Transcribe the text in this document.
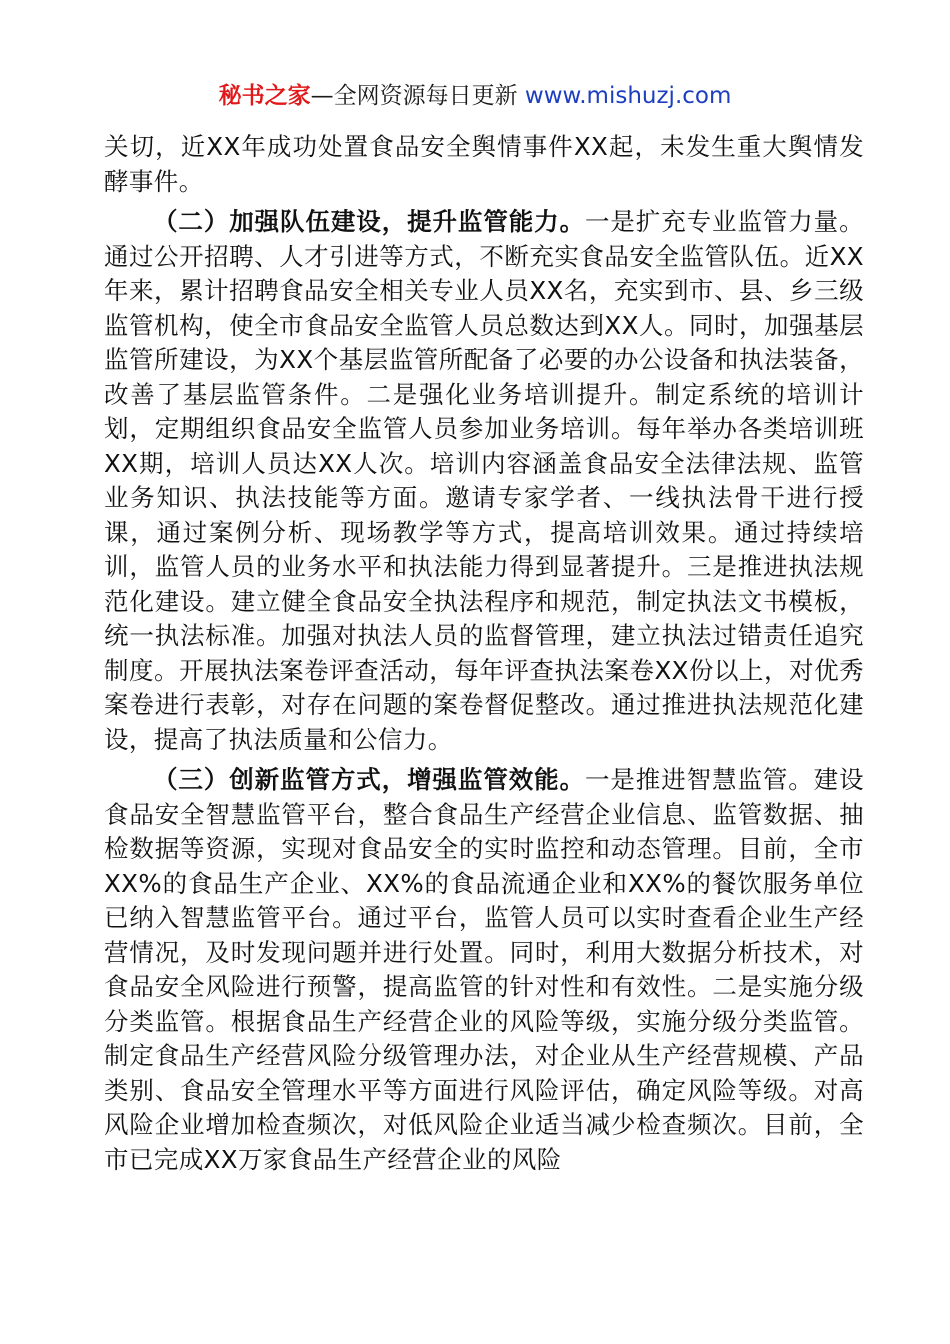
秘书之家—全网资源每日更新 www.mishuzj.com

关切，近XX年成功处置食品安全舆情事件XX起，未发生重大舆情发酵事件。

（二）加强队伍建设，提升监管能力。一是扩充专业监管力量。通过公开招聘、人才引进等方式，不断充实食品安全监管队伍。近XX年来，累计招聘食品安全相关专业人员XX名，充实到市、县、乡三级监管机构，使全市食品安全监管人员总数达到XX人。同时，加强基层监管所建设，为XX个基层监管所配备了必要的办公设备和执法装备，改善了基层监管条件。二是强化业务培训提升。制定系统的培训计划，定期组织食品安全监管人员参加业务培训。每年举办各类培训班XX期，培训人员达XX人次。培训内容涵盖食品安全法律法规、监管业务知识、执法技能等方面。邀请专家学者、一线执法骨干进行授课，通过案例分析、现场教学等方式，提高培训效果。通过持续培训，监管人员的业务水平和执法能力得到显著提升。三是推进执法规范化建设。建立健全食品安全执法程序和规范，制定执法文书模板，统一执法标准。加强对执法人员的监督管理，建立执法过错责任追究制度。开展执法案卷评查活动，每年评查执法案卷XX份以上，对优秀案卷进行表彰，对存在问题的案卷督促整改。通过推进执法规范化建设，提高了执法质量和公信力。

（三）创新监管方式，增强监管效能。一是推进智慧监管。建设食品安全智慧监管平台，整合食品生产经营企业信息、监管数据、抽检数据等资源，实现对食品安全的实时监控和动态管理。目前，全市XX%的食品生产企业、XX%的食品流通企业和XX%的餐饮服务单位已纳入智慧监管平台。通过平台，监管人员可以实时查看企业生产经营情况，及时发现问题并进行处置。同时，利用大数据分析技术，对食品安全风险进行预警，提高监管的针对性和有效性。二是实施分级分类监管。根据食品生产经营企业的风险等级，实施分级分类监管。制定食品生产经营风险分级管理办法，对企业从生产经营规模、产品类别、食品安全管理水平等方面进行风险评估，确定风险等级。对高风险企业增加检查频次，对低风险企业适当减少检查频次。目前，全市已完成XX万家食品生产经营企业的风险
